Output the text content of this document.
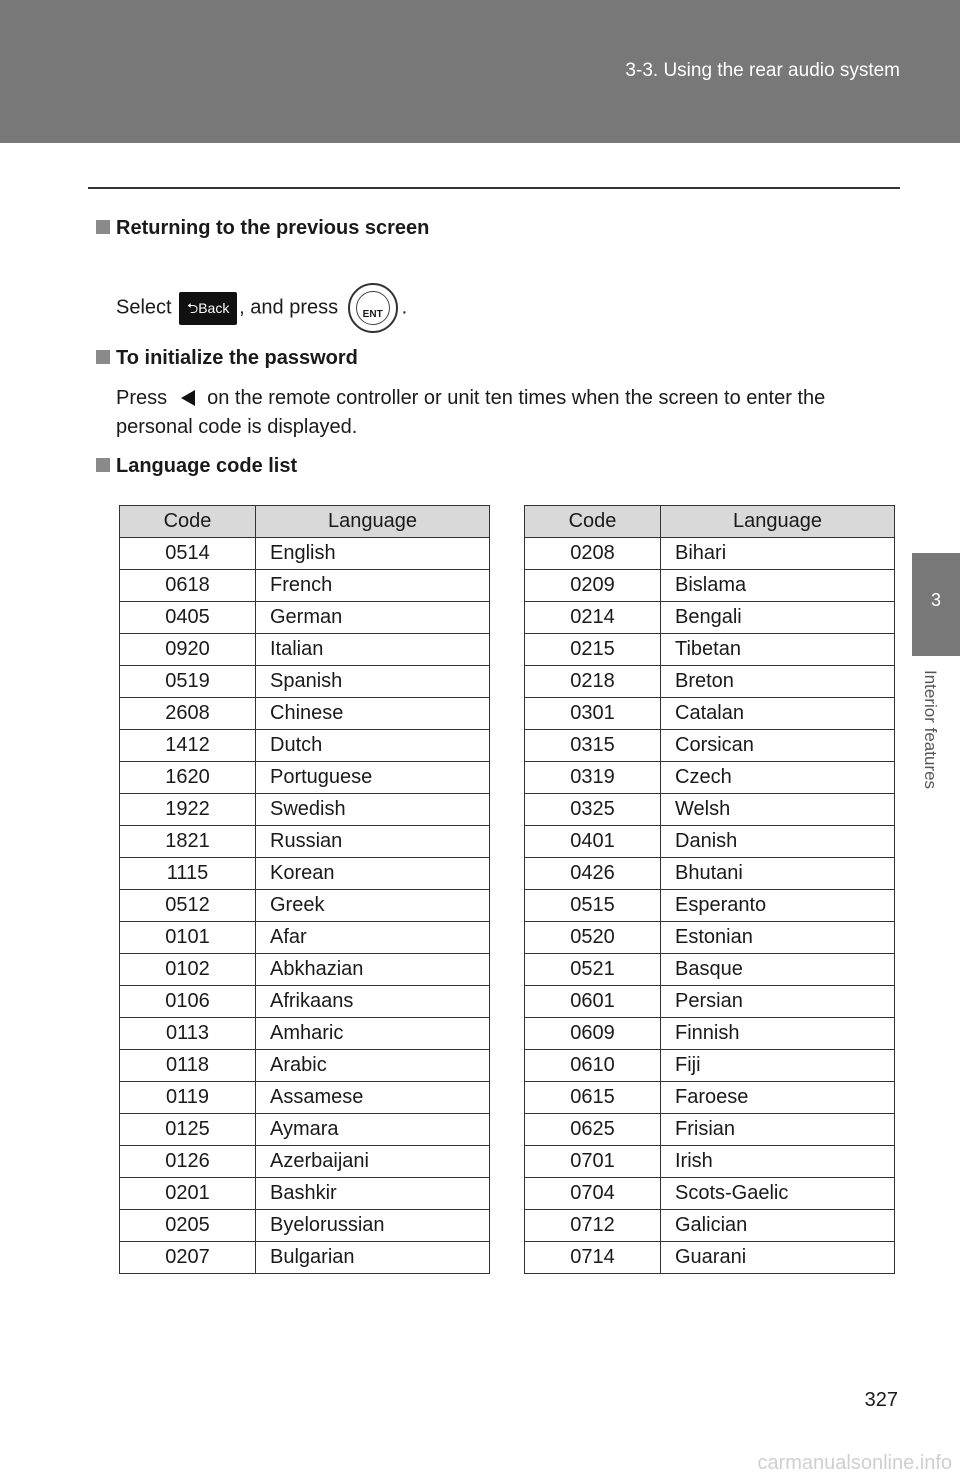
3-3. Using the rear audio system
3
Interior features
Returning to the previous screen
Select ⮌Back , and press	ENT .
To initialize the password
Press on the remote controller or unit ten times when the screen to enter the personal code is displayed.
Language code list
Code	Language
0514	English
0618	French
0405	German
0920	Italian
0519	Spanish
2608	Chinese
1412	Dutch
1620	Portuguese
1922	Swedish
1821	Russian
1115	Korean
0512	Greek
0101	Afar
0102	Abkhazian
0106	Afrikaans
0113	Amharic
0118	Arabic
0119	Assamese
0125	Aymara
0126	Azerbaijani
0201	Bashkir
0205	Byelorussian
0207	Bulgarian
Code	Language
0208	Bihari
0209	Bislama
0214	Bengali
0215	Tibetan
0218	Breton
0301	Catalan
0315	Corsican
0319	Czech
0325	Welsh
0401	Danish
0426	Bhutani
0515	Esperanto
0520	Estonian
0521	Basque
0601	Persian
0609	Finnish
0610	Fiji
0615	Faroese
0625	Frisian
0701	Irish
0704	Scots-Gaelic
0712	Galician
0714	Guarani
327
carmanualsonline.info
